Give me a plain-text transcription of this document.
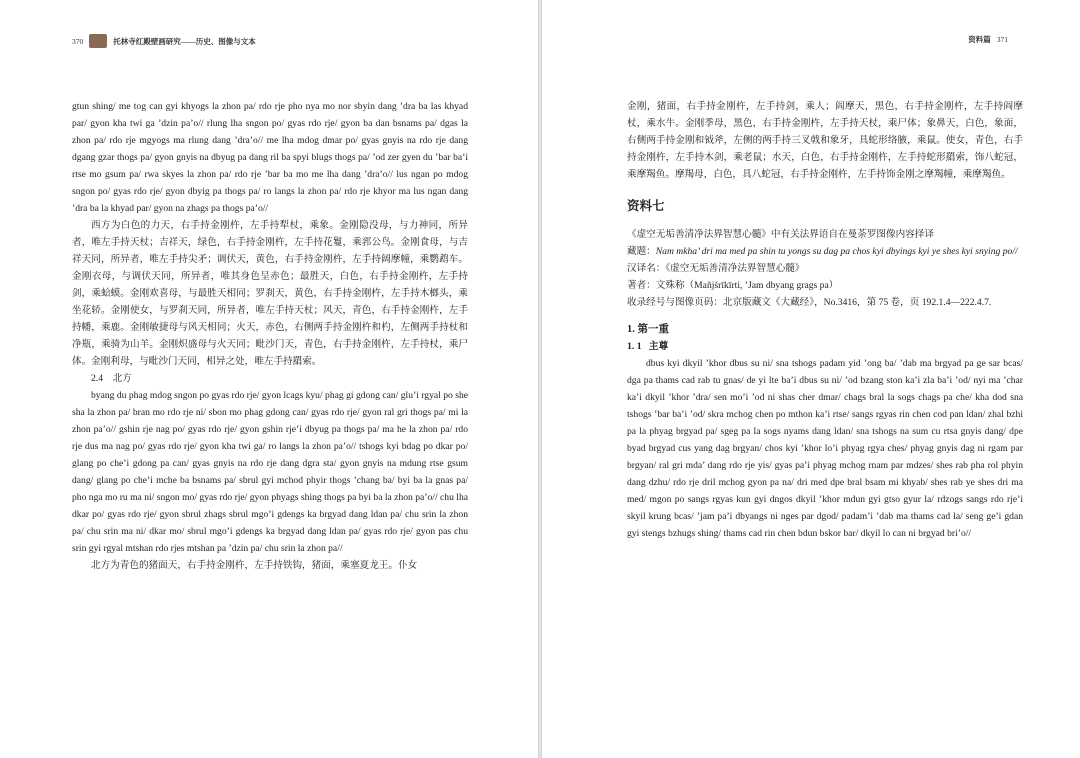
370	托林寺红殿壁画研究——历史、图像与文本

gtun shing/ me tog can gyi khyogs la zhon pa/ rdo rje pho nya mo nor sbyin dang ’dra ba las khyad par/ gyon kha twi ga ’dzin pa’o// rlung lha sngon po/ gyas rdo rje/ gyon ba dan bsnams pa/ dgas la zhon pa/ rdo rje mgyogs ma rlung dang ’dra’o// me lha mdog dmar po/ gyas gnyis na rdo rje dang dgang gzar thogs pa/ gyon gnyis na dbyug pa dang ril ba spyi blugs thogs pa/ ’od zer gyen du ’bar ba’i rtse mo gsum pa/ rwa skyes la zhon pa/ rdo rje ’bar ba mo me lha dang ’dra’o// lus ngan po mdog sngon po/ gyas rdo rje/ gyon dbyig pa thogs pa/ ro langs la zhon pa/ rdo rje khyor ma lus ngan dang ’dra ba la khyad par/ gyon na zhags pa thogs pa’o//

西方为白色的力天，右手持金刚杵，左手持犁杖，乘象。金刚隐没母，与力神同，所异者，唯左手持天杖；吉祥天，绿色，右手持金刚杵，左手持花鬘，乘郛公鸟。金刚食母，与吉祥天同，所异者，唯左手持尖矛；调伏天，黄色，右手持金刚杵，左手持阔摩幢，乘鹦鹉车。金刚衣母，与调伏天同，所异者，唯其身色呈赤色；最胜天，白色，右手持金刚杵，左手持剑，乘蛤蟆。金刚欢喜母，与最胜天相同；罗刹天，黄色，右手持金刚杵，左手持木榔头，乘坐花轿。金刚使女，与罗刹天同，所异者，唯左手持天杖；风天，青色，右手持金刚杵，左手持幡，乘鹿。金刚敏捷母与风天相同；火天，赤色，右侧两手持金刚杵和杓，左侧两手持杖和净瓶，乘骑为山羊。金刚炽盛母与火天同；毗沙门天，青色，右手持金刚杵，左手持杖，乘尸体。金刚利母，与毗沙门天同，相异之处，唯左手持羂索。

2.4　北方

byang du phag mdog sngon po gyas rdo rje/ gyon lcags kyu/ phag gi gdong can/ glu’i rgyal po she sha la zhon pa/ bran mo rdo rje ni/ sbon mo phag gdong can/ gyas rdo rje/ gyon ral gri thogs pa/ mi la zhon pa’o// gshin rje nag po/ gyas rdo rje/ gyon gshin rje’i dbyug pa thogs pa/ ma he la zhon pa/ rdo rje dus ma nag po/ gyas rdo rje/ gyon kha twi ga/ ro langs la zhon pa’o// tshogs kyi bdag po dkar po/ glang po che’i gdong pa can/ gyas gnyis na rdo rje dang dgra sta/ gyon gnyis na mdung rtse gsum dang/ glang po che’i mche ba bsnams pa/ sbrul gyi mchod phyir thogs ’chang ba/ byi ba la gnas pa/ pho nga mo ru ma ni/ sngon mo/ gyas rdo rje/ gyon phyags shing thogs pa byi ba la zhon pa’o// chu lha dkar po/ gyas rdo rje/ gyon sbrul zhags sbrul mgo’i gdengs ka brgyad dang ldan pa/ chu srin la zhon pa/ chu srin ma ni/ dkar mo/ sbrul mgo’i gdengs ka brgyad dang ldan pa/ gyas rdo rje/ gyon pas chu srin gyi rgyal mtshan rdo rjes mtshan pa ’dzin pa/ chu srin la zhon pa//

北方为青色的猪面天，右手持金刚杵，左手持铁钩，猪面，乘塞夏龙王。仆女

资料篇 371

金刚，猪面，右手持金刚杵，左手持剑，乘人；阎摩天，黑色，右手持金刚杵，左手持阎摩杖，乘水牛。金刚季母，黑色，右手持金刚杵，左手持天杖，乘尸体；象鼻天，白色，象面，右侧两手持金刚和钺斧，左侧的两手持三叉戟和象牙，具蛇形络腋，乘鼠。使女，青色，右手持金刚杵，左手持木剑，乘老鼠；水天，白色，右手持金刚杵，左手持蛇形羂索，饰八蛇冠，乘摩羯鱼。摩羯母，白色，具八蛇冠，右手持金刚杵，左手持饰金刚之摩羯幢，乘摩羯鱼。

资料七

《虚空无垢善清净法界智慧心髓》中有关法界语自在曼荼罗图像内容择译

藏题：Nam mkha’ dri ma med pa shin tu yongs su dag pa chos kyi dbyings kyi ye shes kyi snying po//

汉译名：《虚空无垢善清净法界智慧心髓》

著者：文殊称（Mañjśrīkīrti, ’Jam dbyang grags pa）

收录经号与图像页码：北京版藏文《大藏经》，No.3416，第 75 卷，页 192.1.4—222.4.7.

1. 第一重
1. 1 主尊

dbus kyi dkyil ’khor dbus su ni/ sna tshogs padam yid ’ong ba/ ’dab ma brgyad pa ge sar bcas/ dga pa thams cad rab tu gnas/ de yi lte ba’i dbus su ni/ ’od bzang ston ka’i zla ba’i ’od/ nyi ma ’char ka’i dkyil ’khor ’dra/ sen mo’i ’od ni shas cher dmar/ chags bral la sogs chags pa che/ kha dod sna tshogs ’bar ba’i ’od/ skra mchog chen po mthon ka’i rtse/ sangs rgyas rin chen cod pan ldan/ zhal bzhi pa la phyag brgyad pa/ sgeg pa la sogs nyams dang ldan/ sna tshogs na sum cu rtsa gnyis dang/ dpe byad brgyad cus yang dag brgyan/ chos kyi ’khor lo’i phyag rgya ches/ phyag gnyis dag ni rgam par brgyan/ ral gri mda’ dang rdo rje yis/ gyas pa’i phyag mchog rnam par mdzes/ shes rab pha rol phyin dang dzhu/ rdo rje dril mchog gyon pa na/ dri med dpe bral bsam mi khyab/ shes rab ye shes dri ma med/ mgon po sangs rgyas kun gyi dngos dkyil ’khor mdun gyi gtso gyur la/ rdzogs sangs rdo rje’i skyil krung bcas/ ’jam pa’i dbyangs ni nges par dgod/ padam’i ’dab ma thams cad la/ seng ge’i gdan gyi stengs bzhugs shing/ thams cad rin chen bdun bskor bar/ dkyil lo can ni brgyad bri’o//
